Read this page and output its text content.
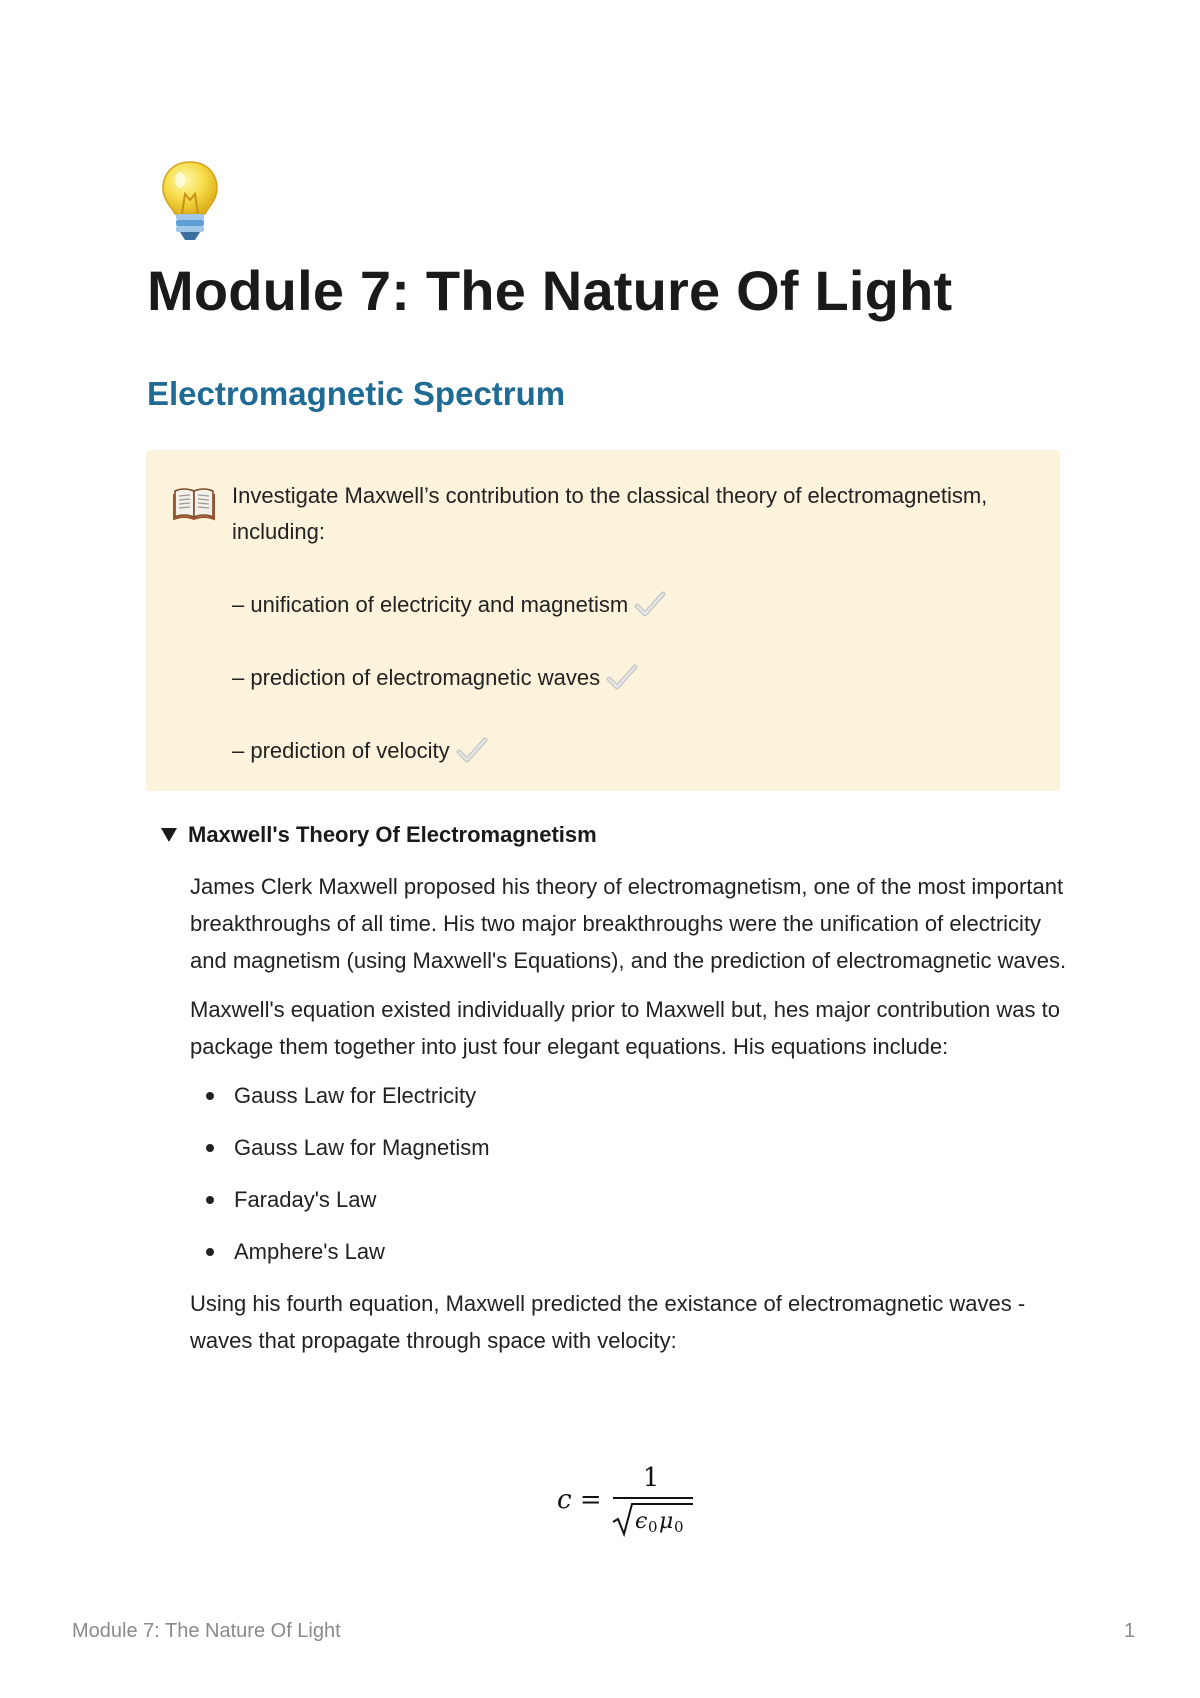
Module 7: The Nature Of Light
Electromagnetic Spectrum

Investigate Maxwell’s contribution to the classical theory of electromagnetism, including:

– unification of electricity and magnetism

– prediction of electromagnetic waves

– prediction of velocity

Maxwell's Theory Of Electromagnetism

James Clerk Maxwell proposed his theory of electromagnetism, one of the most important breakthroughs of all time. His two major breakthroughs were the unification of electricity and magnetism (using Maxwell's Equations), and the prediction of electromagnetic waves.

Maxwell's equation existed individually prior to Maxwell but, hes major contribution was to package them together into just four elegant equations. His equations include:

Gauss Law for Electricity
Gauss Law for Magnetism
Faraday's Law
Amphere's Law

Using his fourth equation, Maxwell predicted the existance of electromagnetic waves - waves that propagate through space with velocity:

c =
1
ϵ 0 μ 0
Module 7: The Nature Of Light	1
